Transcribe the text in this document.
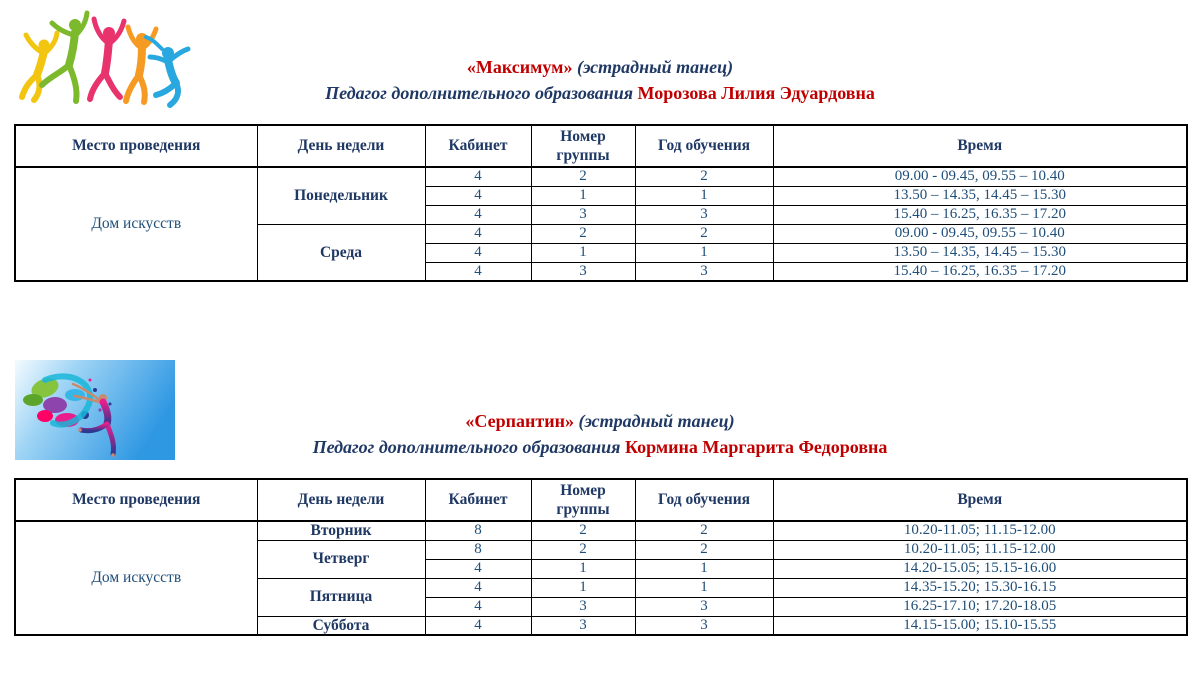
«Максимум» (эстрадный танец)
Педагог дополнительного образования Морозова Лилия Эдуардовна
Место проведения	День недели	Кабинет	Номер группы	Год обучения	Время
Дом искусств	Понедельник	4	2	2	09.00 - 09.45, 09.55 – 10.40
		4	1	1	13.50 – 14.35, 14.45 – 15.30
		4	3	3	15.40 – 16.25, 16.35 – 17.20
	Среда	4	2	2	09.00 - 09.45, 09.55 – 10.40
		4	1	1	13.50 – 14.35, 14.45 – 15.30
		4	3	3	15.40 – 16.25, 16.35 – 17.20
«Серпантин» (эстрадный танец)
Педагог дополнительного образования Кормина Маргарита Федоровна
Место проведения	День недели	Кабинет	Номер группы	Год обучения	Время
Дом искусств	Вторник	8	2	2	10.20-11.05; 11.15-12.00
	Четверг	8	2	2	10.20-11.05; 11.15-12.00
		4	1	1	14.20-15.05; 15.15-16.00
	Пятница	4	1	1	14.35-15.20; 15.30-16.15
		4	3	3	16.25-17.10; 17.20-18.05
	Суббота	4	3	3	14.15-15.00; 15.10-15.55
